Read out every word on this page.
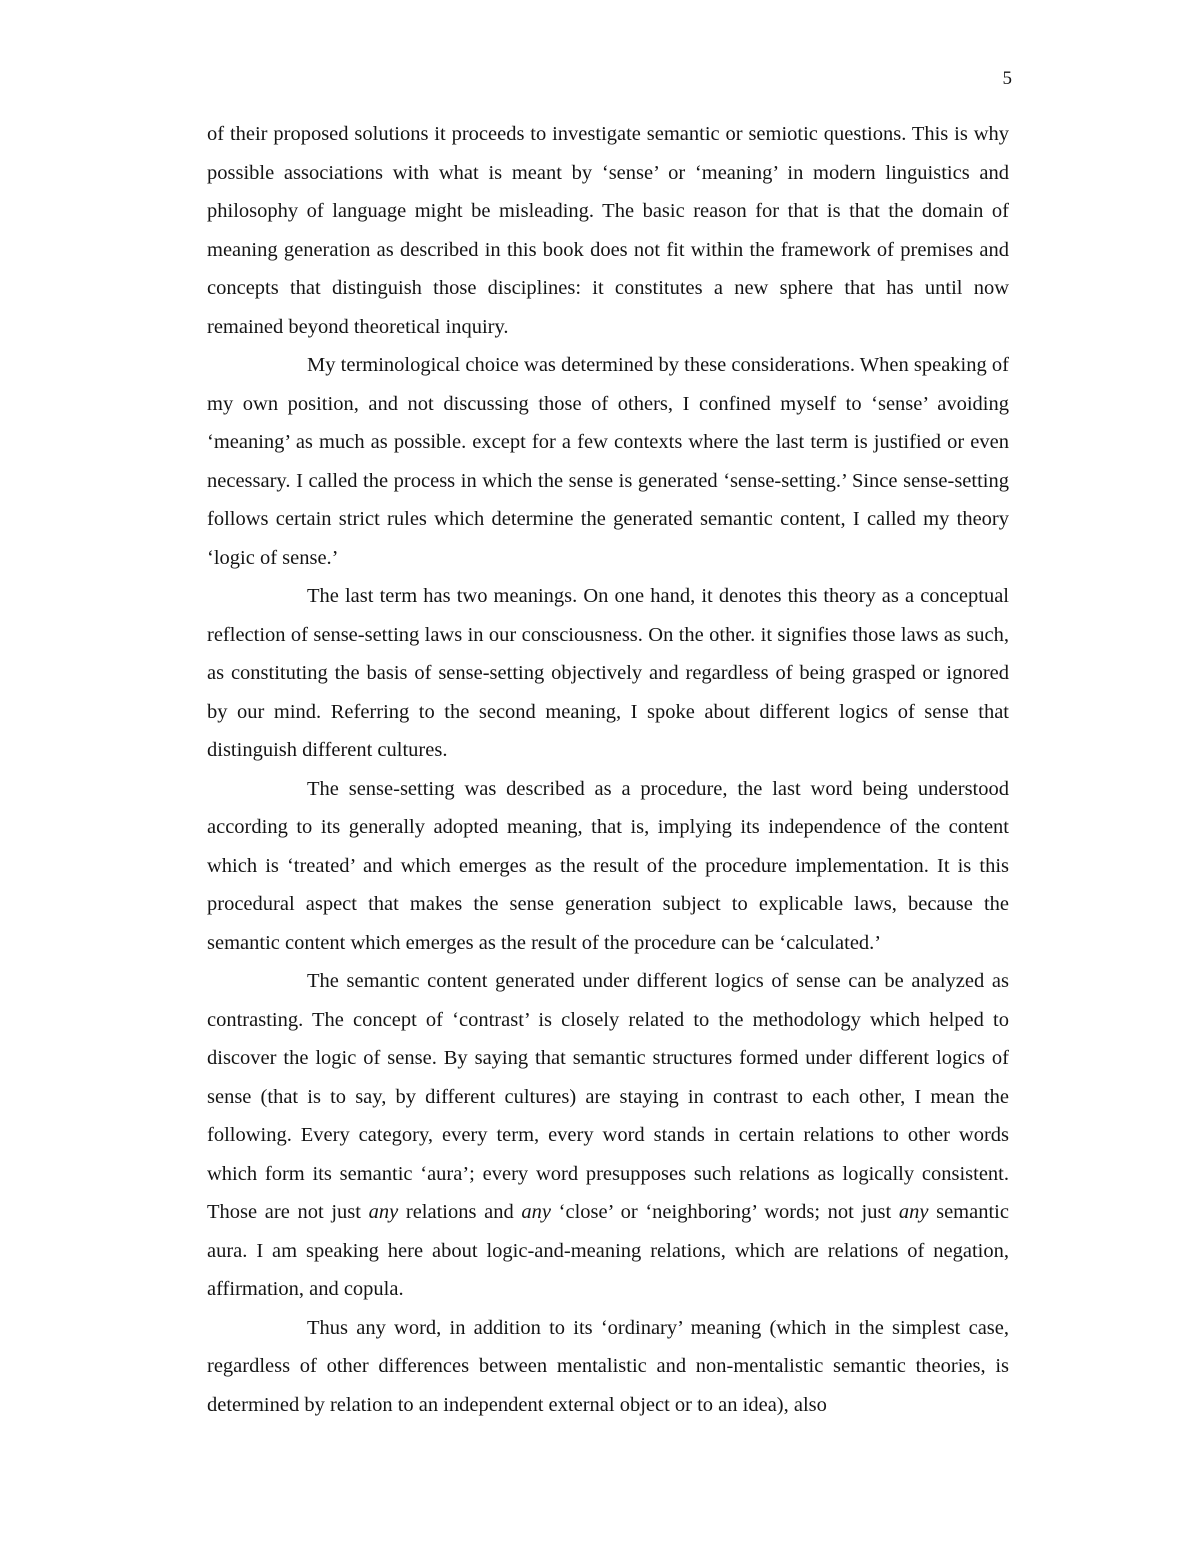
5

of their proposed solutions it proceeds to investigate semantic or semiotic questions. This is why possible associations with what is meant by ‘sense’ or ‘meaning’ in modern linguistics and philosophy of language might be misleading. The basic reason for that is that the domain of meaning generation as described in this book does not fit within the framework of premises and concepts that distinguish those disciplines: it constitutes a new sphere that has until now remained beyond theoretical inquiry.

My terminological choice was determined by these considerations. When speaking of my own position, and not discussing those of others, I confined myself to ‘sense’ avoiding ‘meaning’ as much as possible. except for a few contexts where the last term is justified or even necessary. I called the process in which the sense is generated ‘sense-setting.’ Since sense-setting follows certain strict rules which determine the generated semantic content, I called my theory ‘logic of sense.’

The last term has two meanings. On one hand, it denotes this theory as a conceptual reflection of sense-setting laws in our consciousness. On the other. it signifies those laws as such, as constituting the basis of sense-setting objectively and regardless of being grasped or ignored by our mind. Referring to the second meaning, I spoke about different logics of sense that distinguish different cultures.

The sense-setting was described as a procedure, the last word being understood according to its generally adopted meaning, that is, implying its independence of the content which is ‘treated’ and which emerges as the result of the procedure implementation. It is this procedural aspect that makes the sense generation subject to explicable laws, because the semantic content which emerges as the result of the procedure can be ‘calculated.’

The semantic content generated under different logics of sense can be analyzed as contrasting. The concept of ‘contrast’ is closely related to the methodology which helped to discover the logic of sense. By saying that semantic structures formed under different logics of sense (that is to say, by different cultures) are staying in contrast to each other, I mean the following. Every category, every term, every word stands in certain relations to other words which form its semantic ‘aura’; every word presupposes such relations as logically consistent. Those are not just any relations and any ‘close’ or ‘neighboring’ words; not just any semantic aura. I am speaking here about logic-and-meaning relations, which are relations of negation, affirmation, and copula.

Thus any word, in addition to its ‘ordinary’ meaning (which in the simplest case, regardless of other differences between mentalistic and non-mentalistic semantic theories, is determined by relation to an independent external object or to an idea), also
